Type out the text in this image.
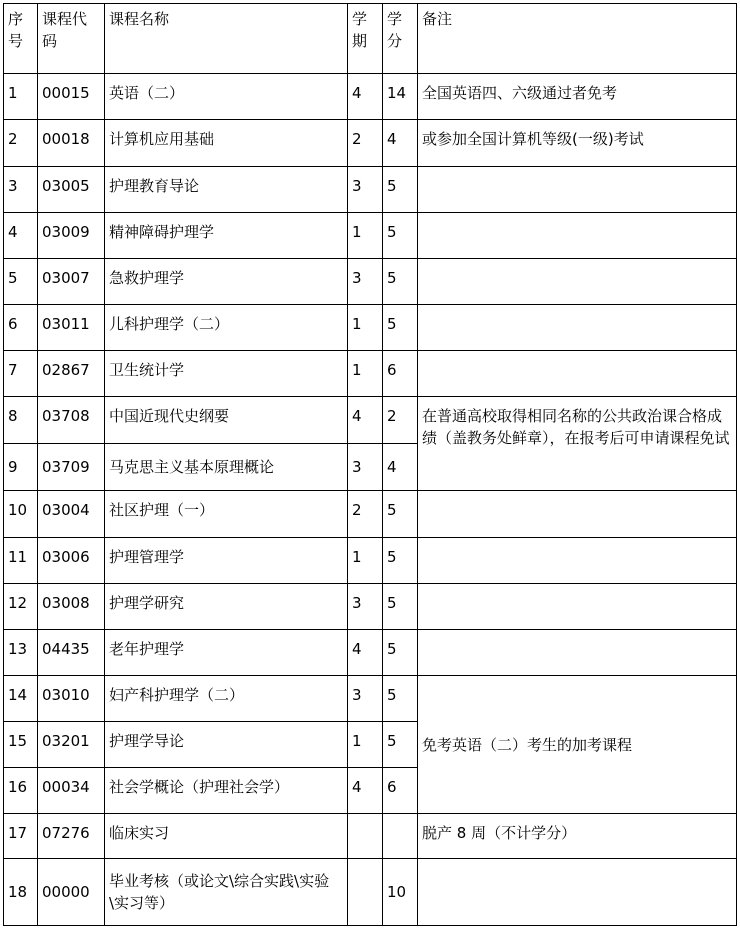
序号	课程代码	课程名称	学期	学分	备注
1	00015	英语（二）	4	14	全国英语四、六级通过者免考
2	00018	计算机应用基础	2	4	或参加全国计算机等级(一级)考试
3	03005	护理教育导论	3	5	
4	03009	精神障碍护理学	1	5	
5	03007	急救护理学	3	5	
6	03011	儿科护理学（二）	1	5	
7	02867	卫生统计学	1	6	
8	03708	中国近现代史纲要	4	2	在普通高校取得相同名称的公共政治课合格成绩（盖教务处鲜章），在报考后可申请课程免试
9	03709	马克思主义基本原理概论	3	4	
10	03004	社区护理（一）	2	5	
11	03006	护理管理学	1	5	
12	03008	护理学研究	3	5	
13	04435	老年护理学	4	5	
14	03010	妇产科护理学（二）	3	5	免考英语（二）考生的加考课程
15	03201	护理学导论	1	5	
16	00034	社会学概论（护理社会学）	4	6	
17	07276	临床实习			脱产 8 周（不计学分）
18	00000	毕业考核（或论文\综合实践\实验\实习等）		10	
